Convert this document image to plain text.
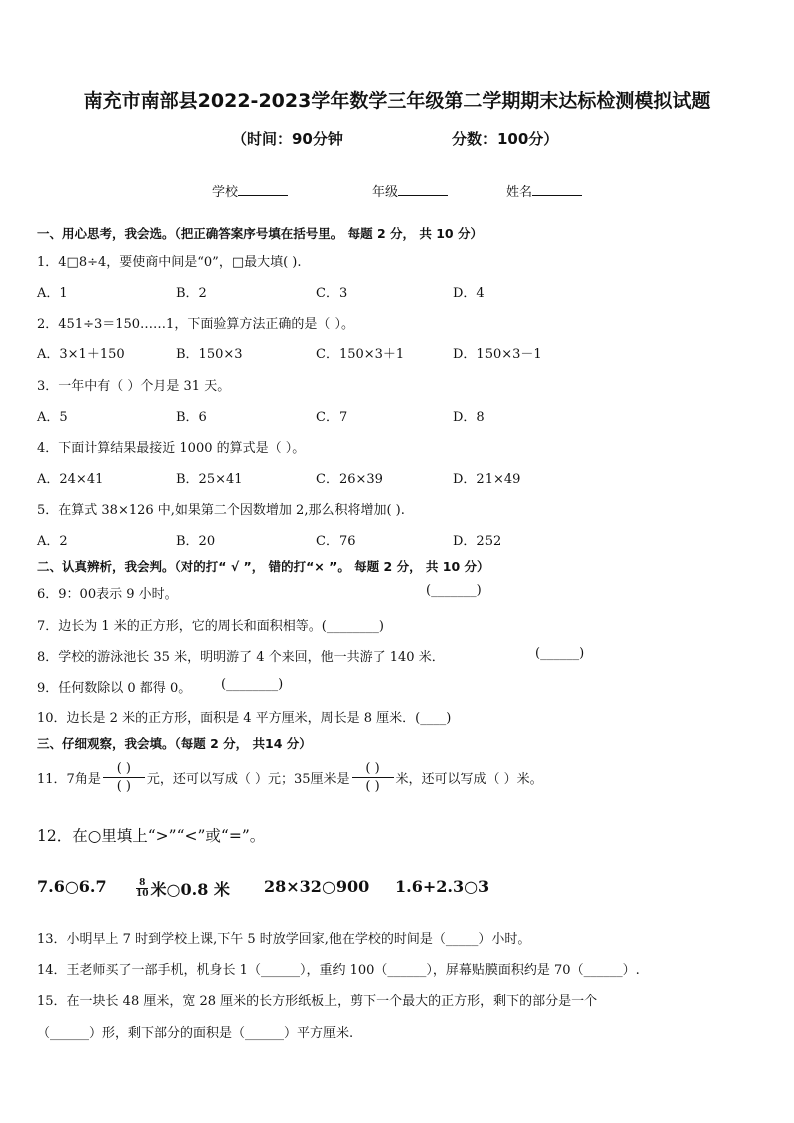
南充市南部县2022-2023学年数学三年级第二学期期末达标检测模拟试题
（时间：90分钟	分数：100分）
学校	年级	姓名
一、用心思考，我会选。（把正确答案序号填在括号里。 每题 2 分， 共 10 分）
1．4□8÷4，要使商中间是“0”，□最大填( ).
A．1	B．2	C．3	D．4
2．451÷3＝150……1，下面验算方法正确的是（ ）。
A．3×1＋150	B．150×3	C．150×3＋1	D．150×3－1
3．一年中有（ ）个月是 31 天。
A．5	B．6	C．7	D．8
4．下面计算结果最接近 1000 的算式是（ ）。
A．24×41	B．25×41	C．26×39	D．21×49
5．在算式 38×126 中,如果第二个因数增加 2,那么积将增加( ).
A．2	B．20	C．76	D．252
二、认真辨析，我会判。（对的打“ √ ”， 错的打“× ”。 每题 2 分， 共 10 分）
6．9：00表示 9 小时。	(_______)
7．边长为 1 米的正方形，它的周长和面积相等。(________)
8．学校的游泳池长 35 米，明明游了 4 个来回，他一共游了 140 米．	(______)
9．任何数除以 0 都得 0。 (________)
10．边长是 2 米的正方形，面积是 4 平方厘米，周长是 8 厘米．(____)
三、仔细观察，我会填。（每题 2 分， 共14 分）
11．7角是 $\frac{( )}{( )}$ 元，还可以写成（ ）元；35厘米是 $\frac{( )}{( )}$ 米，还可以写成（ ）米。
12．在○里填上“>”“<”或“=”。
7.6○6.7	8
10 米○0.8 米 28×32○900 1.6+2.3○3
13．小明早上 7 时到学校上课,下午 5 时放学回家,他在学校的时间是（_____）小时。
14．王老师买了一部手机，机身长 1（______），重约 100（______），屏幕贴膜面积约是 70（______）.
15．在一块长 48 厘米，宽 28 厘米的长方形纸板上，剪下一个最大的正方形，剩下的部分是一个
（______）形，剩下部分的面积是（______）平方厘米.
